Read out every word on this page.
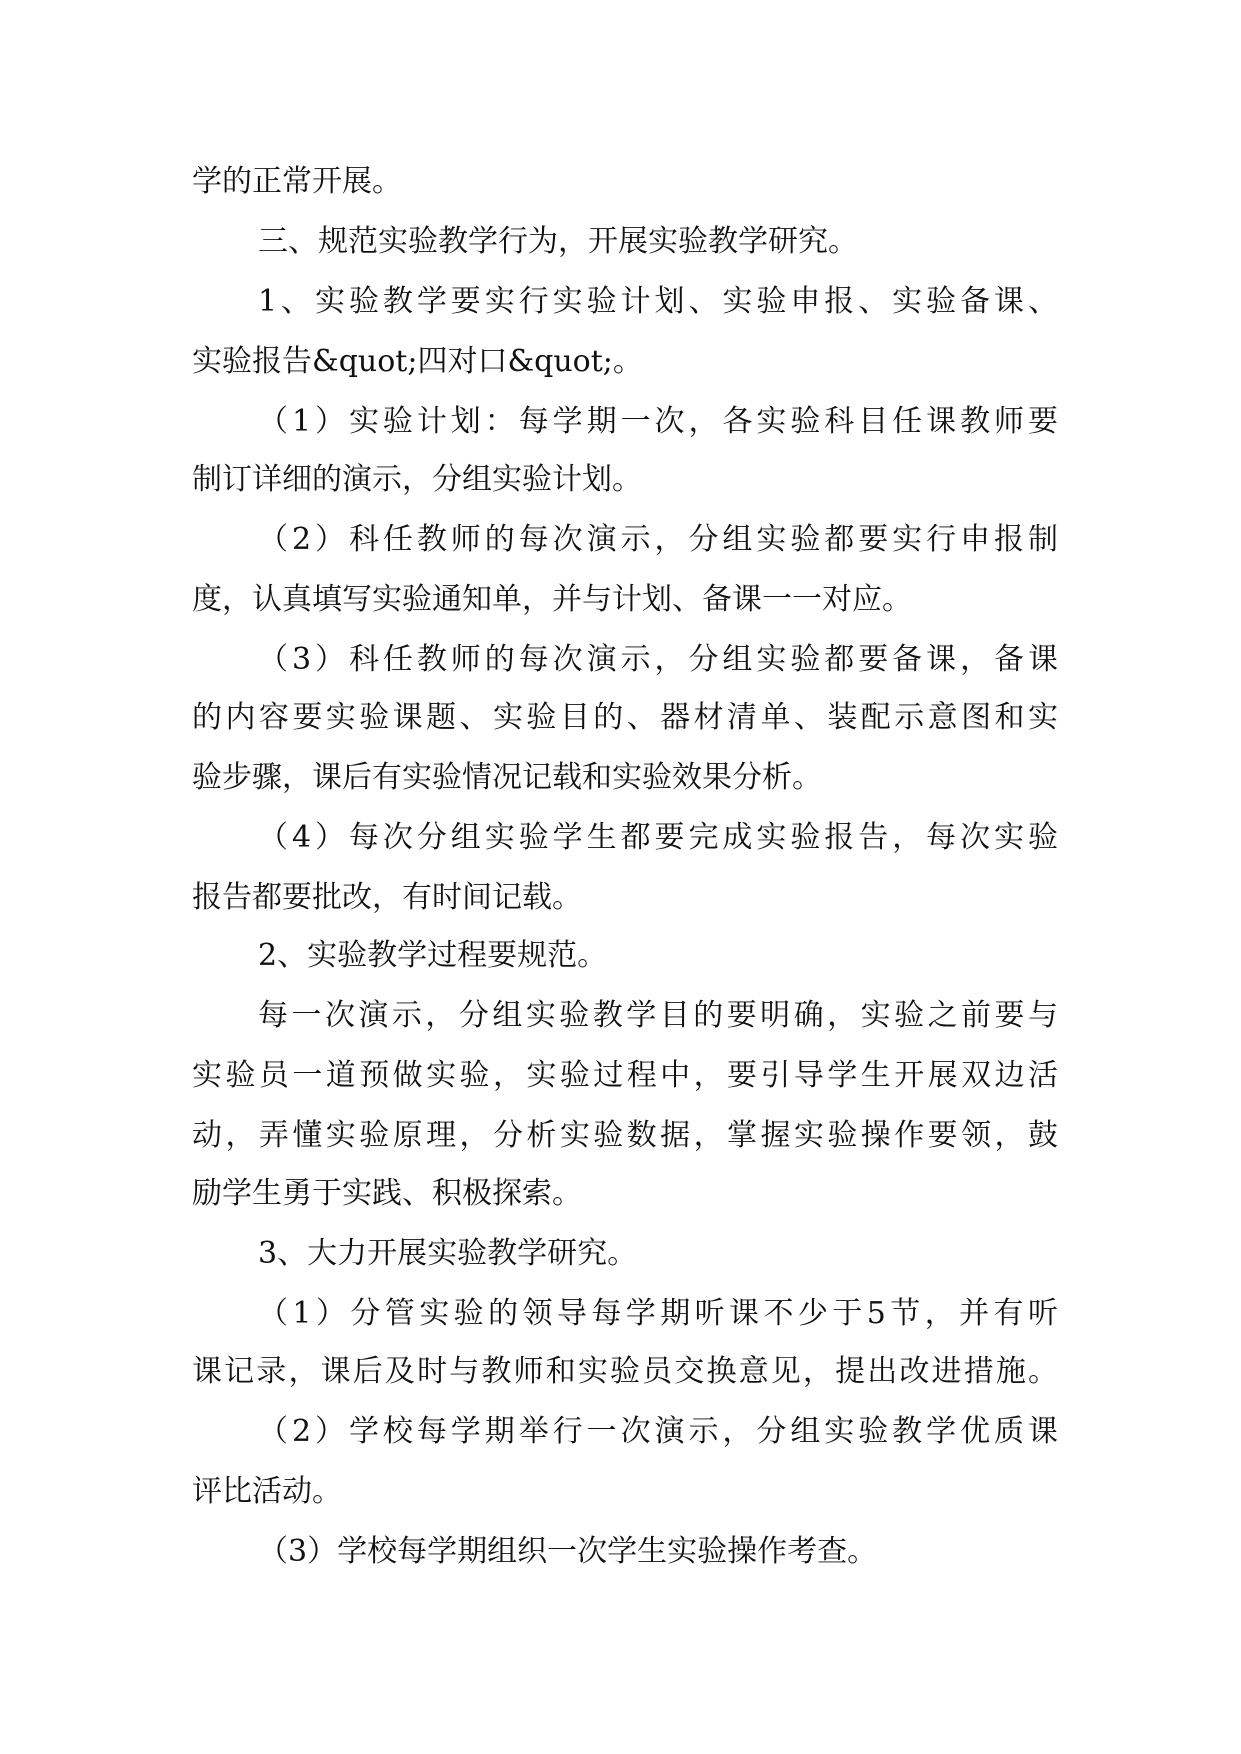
学的正常开展。

三、规范实验教学行为，开展实验教学研究。

1、实验教学要实行实验计划、实验申报、实验备课、

实验报告&quot;四对口&quot;。

（1）实验计划：每学期一次，各实验科目任课教师要

制订详细的演示，分组实验计划。

（2）科任教师的每次演示，分组实验都要实行申报制

度，认真填写实验通知单，并与计划、备课一一对应。

（3）科任教师的每次演示，分组实验都要备课，备课

的内容要实验课题、实验目的、器材清单、装配示意图和实

验步骤，课后有实验情况记载和实验效果分析。

（4）每次分组实验学生都要完成实验报告，每次实验

报告都要批改，有时间记载。

2、实验教学过程要规范。

每一次演示，分组实验教学目的要明确，实验之前要与

实验员一道预做实验，实验过程中，要引导学生开展双边活

动，弄懂实验原理，分析实验数据，掌握实验操作要领，鼓

励学生勇于实践、积极探索。

3、大力开展实验教学研究。

（1）分管实验的领导每学期听课不少于5节，并有听

课记录，课后及时与教师和实验员交换意见，提出改进措施。

（2）学校每学期举行一次演示，分组实验教学优质课

评比活动。

（3）学校每学期组织一次学生实验操作考查。
